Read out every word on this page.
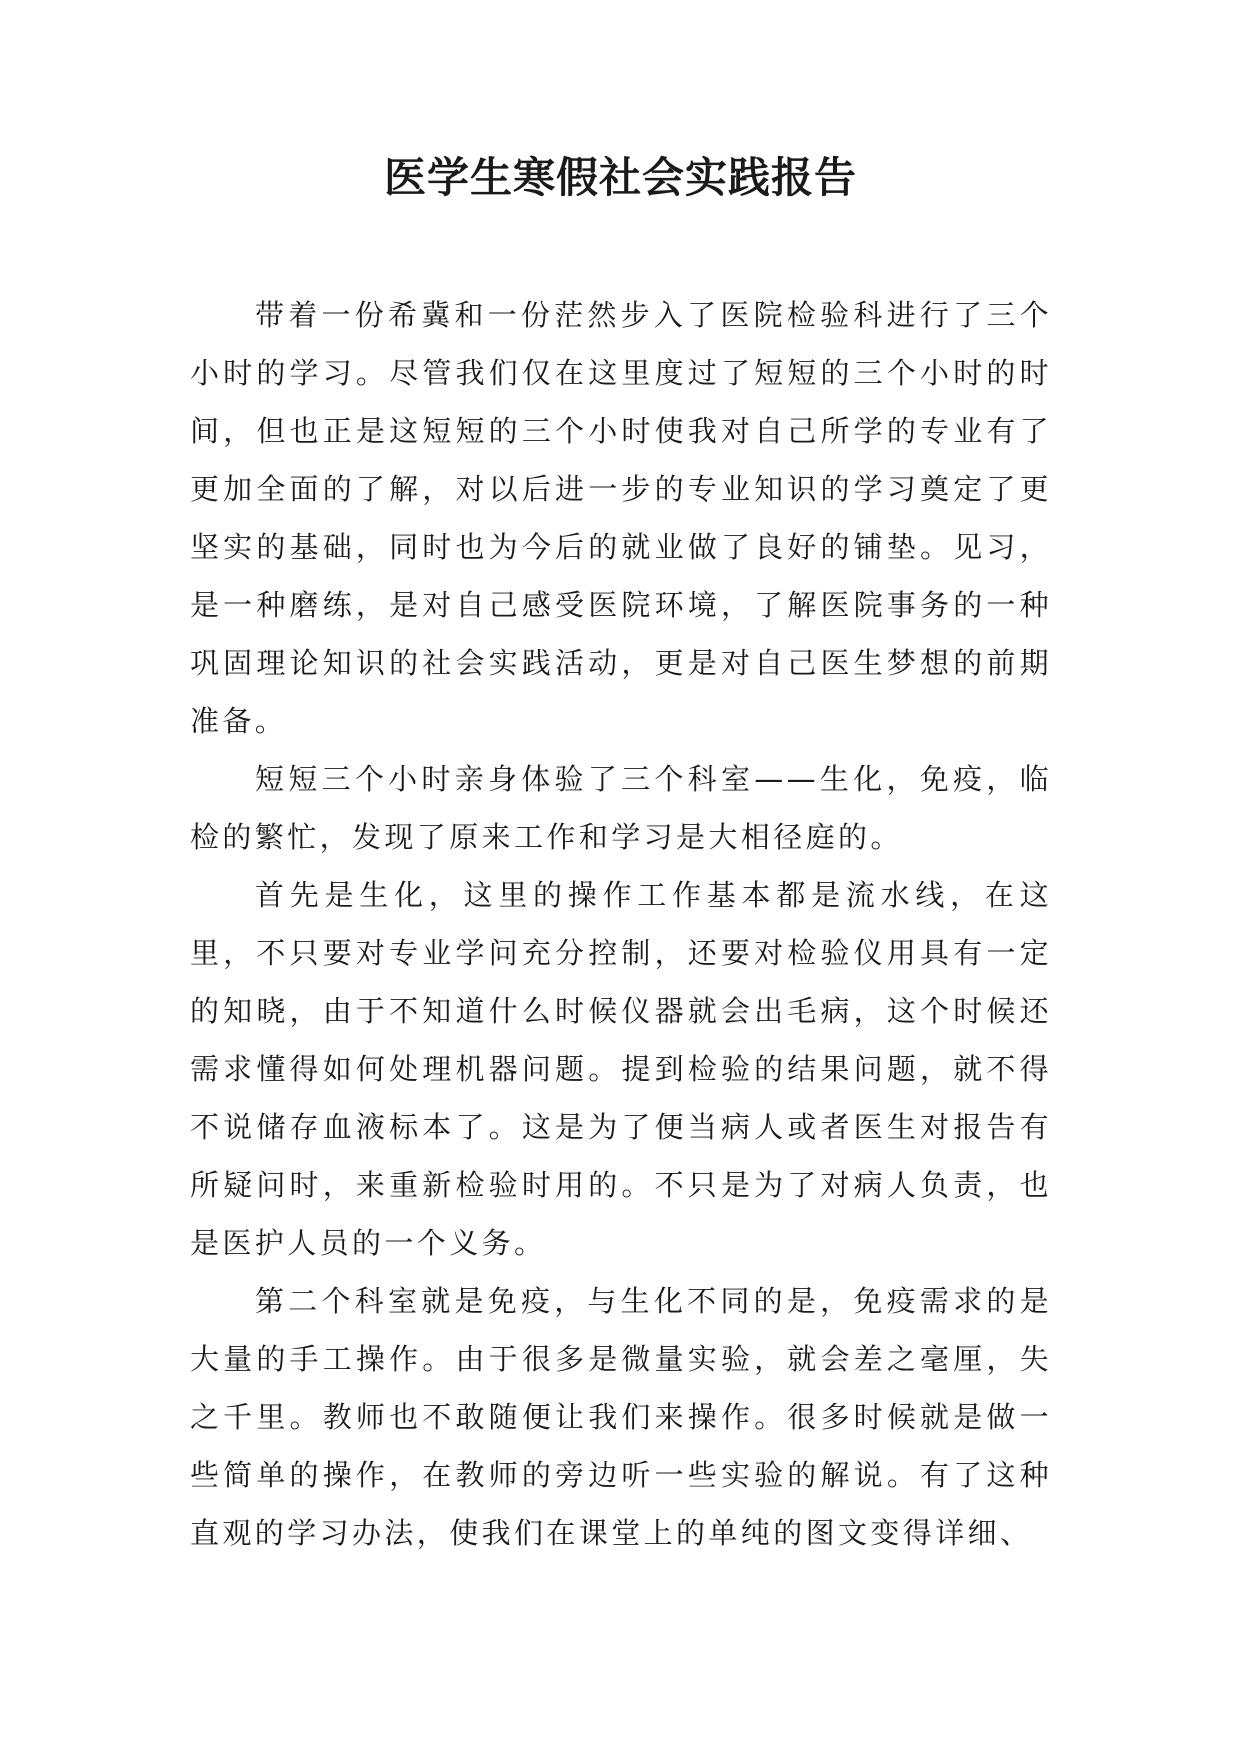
医学生寒假社会实践报告

带着一份希冀和一份茫然步入了医院检验科进行了三个小时的学习。尽管我们仅在这里度过了短短的三个小时的时间，但也正是这短短的三个小时使我对自己所学的专业有了更加全面的了解，对以后进一步的专业知识的学习奠定了更坚实的基础，同时也为今后的就业做了良好的铺垫。见习，是一种磨练，是对自己感受医院环境，了解医院事务的一种巩固理论知识的社会实践活动，更是对自己医生梦想的前期准备。

短短三个小时亲身体验了三个科室——生化，免疫，临检的繁忙，发现了原来工作和学习是大相径庭的。

首先是生化，这里的操作工作基本都是流水线，在这里，不只要对专业学问充分控制，还要对检验仪用具有一定的知晓，由于不知道什么时候仪器就会出毛病，这个时候还需求懂得如何处理机器问题。提到检验的结果问题，就不得不说储存血液标本了。这是为了便当病人或者医生对报告有所疑问时，来重新检验时用的。不只是为了对病人负责，也是医护人员的一个义务。

第二个科室就是免疫，与生化不同的是，免疫需求的是大量的手工操作。由于很多是微量实验，就会差之毫厘，失之千里。教师也不敢随便让我们来操作。很多时候就是做一些简单的操作，在教师的旁边听一些实验的解说。有了这种直观的学习办法，使我们在课堂上的单纯的图文变得详细、
